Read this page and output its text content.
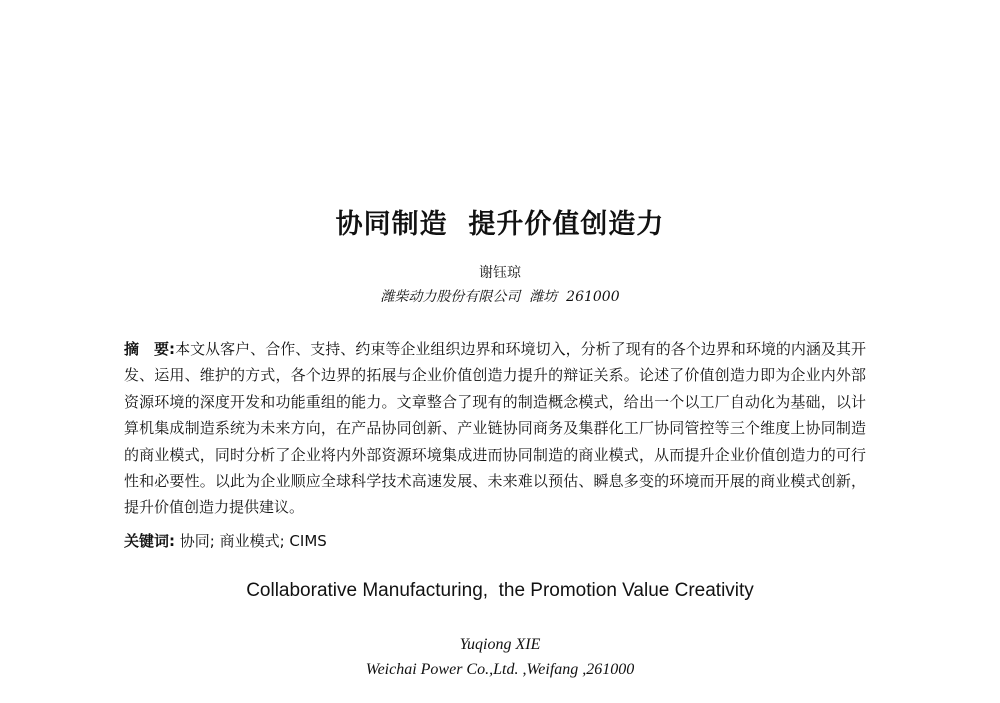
协同制造  提升价值创造力
谢钰琼
潍柴动力股份有限公司  潍坊  261000
摘　要:本文从客户、合作、支持、约束等企业组织边界和环境切入，分析了现有的各个边界和环境的内涵及其开发、运用、维护的方式，各个边界的拓展与企业价值创造力提升的辩证关系。论述了价值创造力即为企业内外部资源环境的深度开发和功能重组的能力。文章整合了现有的制造概念模式，给出一个以工厂自动化为基础，以计算机集成制造系统为未来方向，在产品协同创新、产业链协同商务及集群化工厂协同管控等三个维度上协同制造的商业模式，同时分析了企业将内外部资源环境集成进而协同制造的商业模式，从而提升企业价值创造力的可行性和必要性。以此为企业顺应全球科学技术高速发展、未来难以预估、瞬息多变的环境而开展的商业模式创新，提升价值创造力提供建议。
关键词: 协同; 商业模式; CIMS
Collaborative Manufacturing,  the Promotion Value Creativity
Yuqiong XIE
Weichai Power Co.,Ltd. ,Weifang ,261000
